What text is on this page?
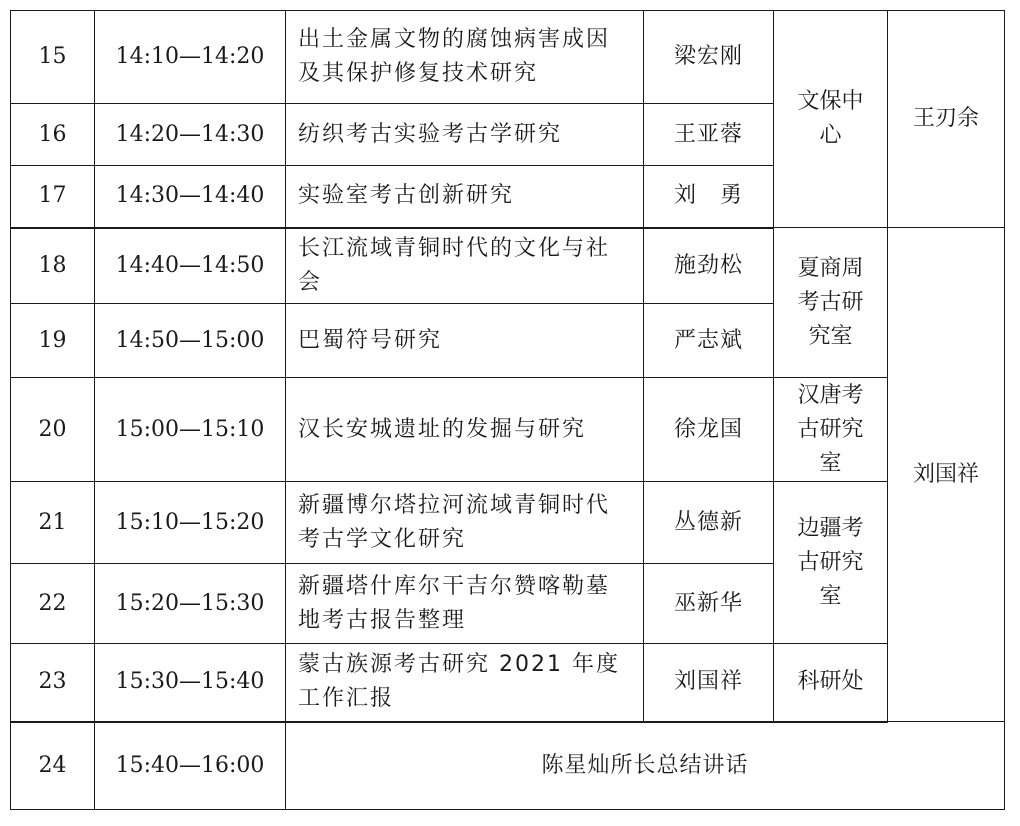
15	14:10—14:20	出土金属文物的腐蚀病害成因及其保护修复技术研究	梁宏刚	文保中心	王刃余
16	14:20—14:30	纺织考古实验考古学研究	王亚蓉		
17	14:30—14:40	实验室考古创新研究	刘　勇		
18	14:40—14:50	长江流域青铜时代的文化与社会	施劲松	夏商周考古研究室	刘国祥
19	14:50—15:00	巴蜀符号研究	严志斌		
20	15:00—15:10	汉长安城遗址的发掘与研究	徐龙国	汉唐考古研究室	
21	15:10—15:20	新疆博尔塔拉河流域青铜时代考古学文化研究	丛德新	边疆考古研究室	
22	15:20—15:30	新疆塔什库尔干吉尔赞喀勒墓地考古报告整理	巫新华		
23	15:30—15:40	蒙古族源考古研究 2021 年度工作汇报	刘国祥	科研处	
24	15:40—16:00	陈星灿所长总结讲话			
